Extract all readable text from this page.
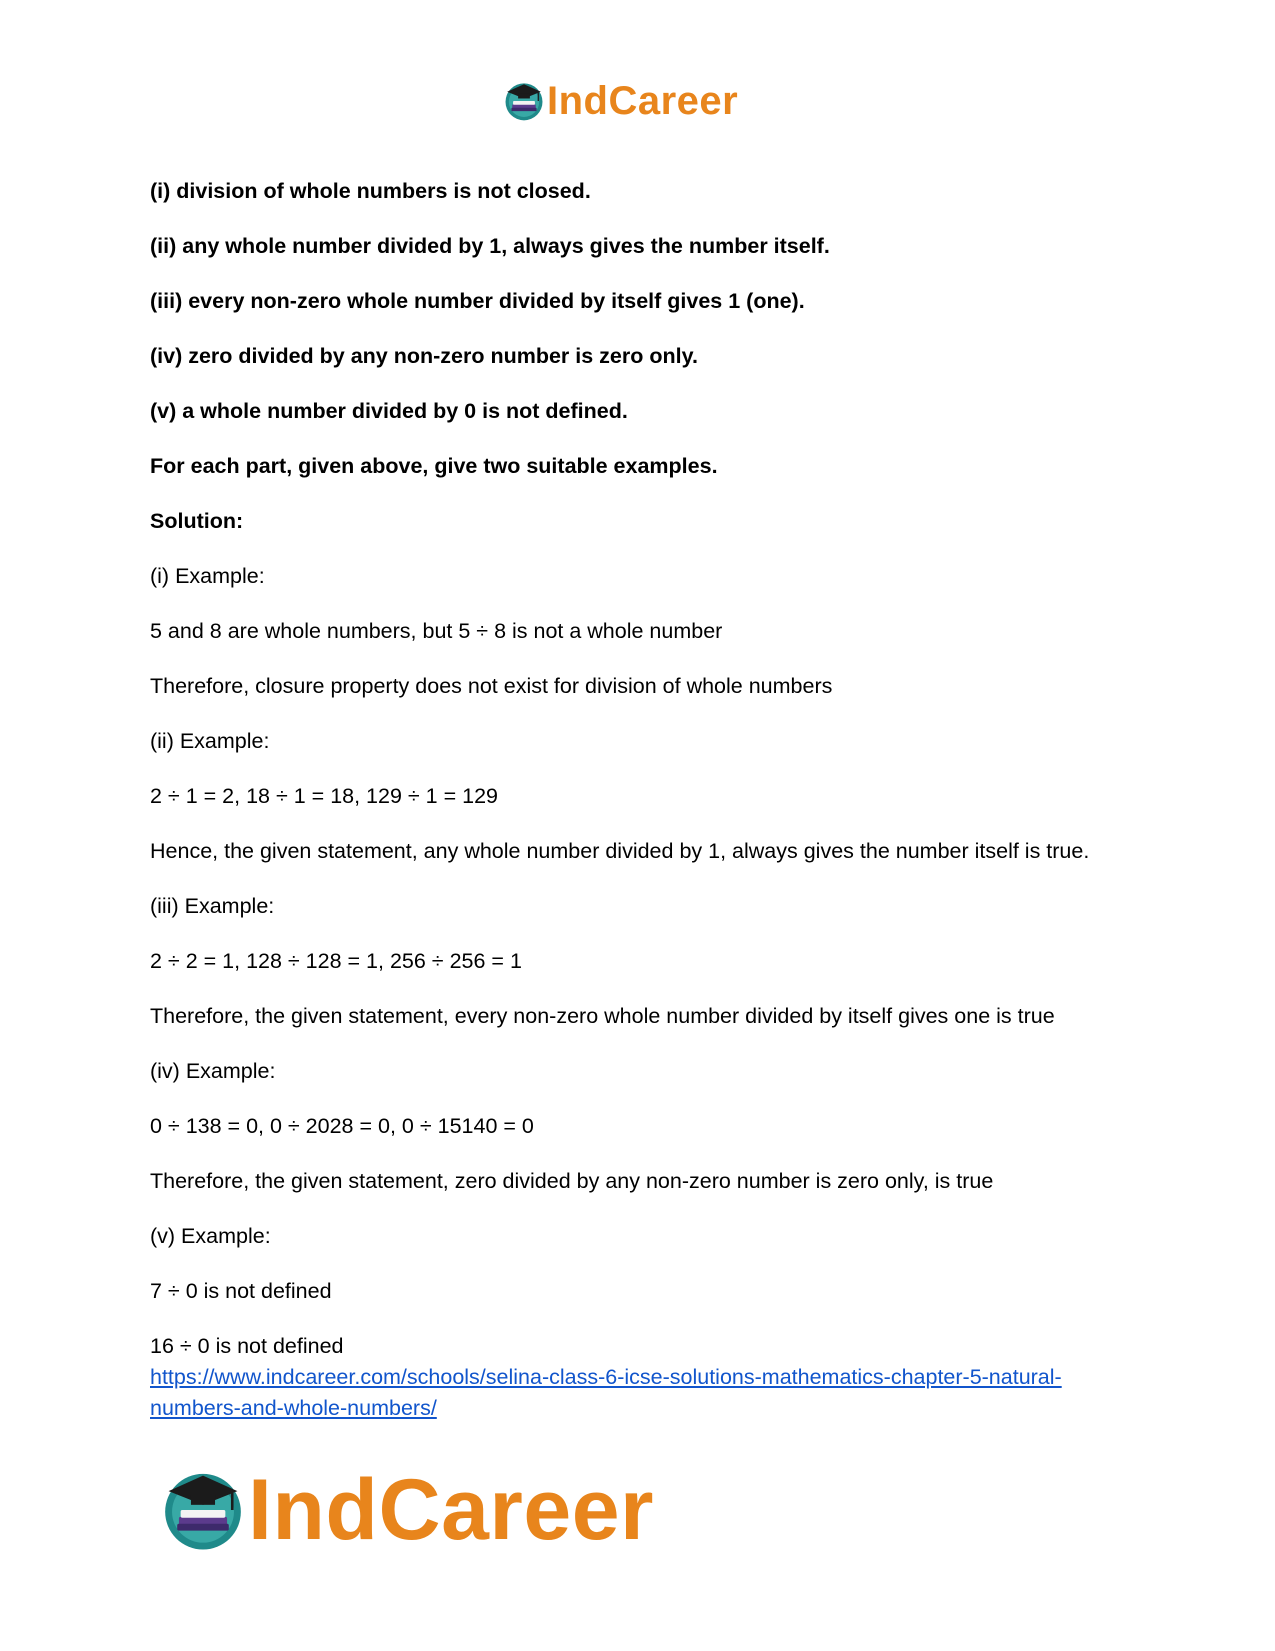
IndCareer

(i) division of whole numbers is not closed.

(ii) any whole number divided by 1, always gives the number itself.

(iii) every non-zero whole number divided by itself gives 1 (one).

(iv) zero divided by any non-zero number is zero only.

(v) a whole number divided by 0 is not defined.

For each part, given above, give two suitable examples.

Solution:

(i) Example:

5 and 8 are whole numbers, but 5 ÷ 8 is not a whole number

Therefore, closure property does not exist for division of whole numbers

(ii) Example:

2 ÷ 1 = 2, 18 ÷ 1 = 18, 129 ÷ 1 = 129

Hence, the given statement, any whole number divided by 1, always gives the number itself is true.

(iii) Example:

2 ÷ 2 = 1, 128 ÷ 128 = 1, 256 ÷ 256 = 1

Therefore, the given statement, every non-zero whole number divided by itself gives one is true

(iv) Example:

0 ÷ 138 = 0, 0 ÷ 2028 = 0, 0 ÷ 15140 = 0

Therefore, the given statement, zero divided by any non-zero number is zero only, is true

(v) Example:

7 ÷ 0 is not defined

16 ÷ 0 is not defined

https://www.indcareer.com/schools/selina-class-6-icse-solutions-mathematics-chapter-5-natural-numbers-and-whole-numbers/
IndCareer
